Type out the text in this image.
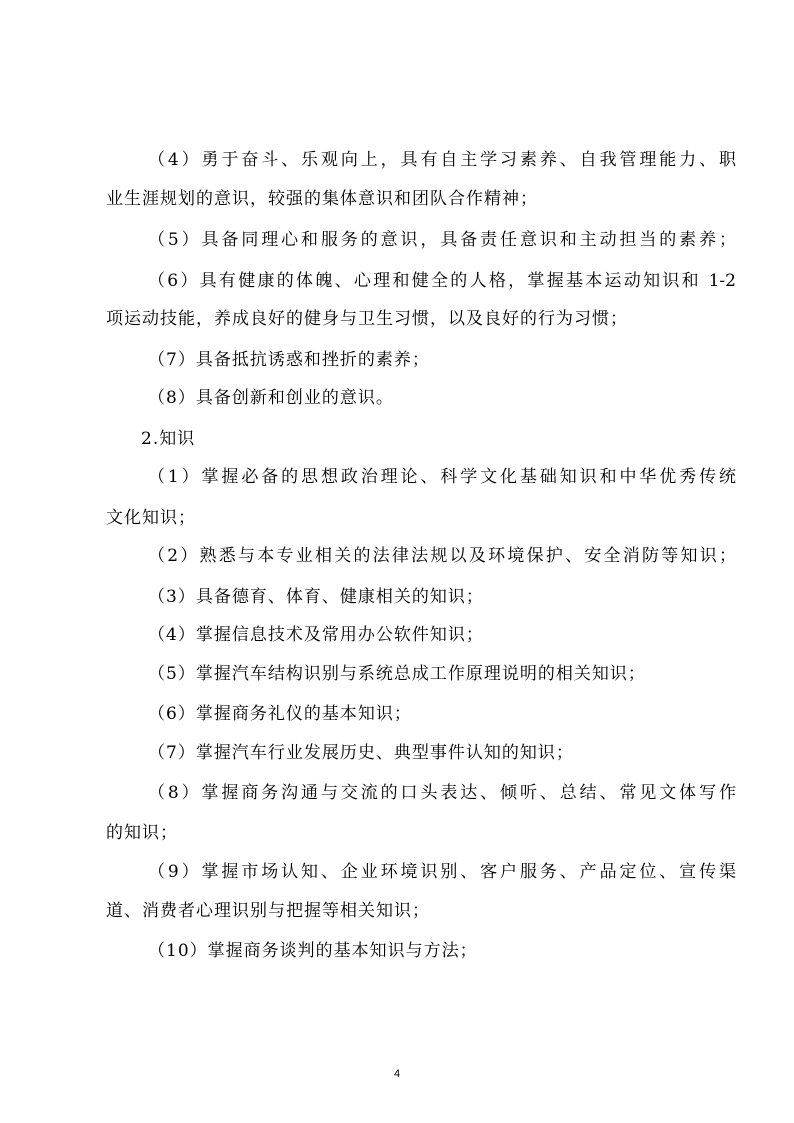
（4）勇于奋斗、乐观向上，具有自主学习素养、自我管理能力、职
业生涯规划的意识，较强的集体意识和团队合作精神；
（5）具备同理心和服务的意识，具备责任意识和主动担当的素养；
（6）具有健康的体魄、心理和健全的人格，掌握基本运动知识和 1-2
项运动技能，养成良好的健身与卫生习惯，以及良好的行为习惯；
（7）具备抵抗诱惑和挫折的素养；
（8）具备创新和创业的意识。
2.知识
（1）掌握必备的思想政治理论、科学文化基础知识和中华优秀传统
文化知识；
（2）熟悉与本专业相关的法律法规以及环境保护、安全消防等知识；
（3）具备德育、体育、健康相关的知识；
（4）掌握信息技术及常用办公软件知识；
（5）掌握汽车结构识别与系统总成工作原理说明的相关知识；
（6）掌握商务礼仪的基本知识；
（7）掌握汽车行业发展历史、典型事件认知的知识；
（8）掌握商务沟通与交流的口头表达、倾听、总结、常见文体写作
的知识；
（9）掌握市场认知、企业环境识别、客户服务、产品定位、宣传渠
道、消费者心理识别与把握等相关知识；
（10）掌握商务谈判的基本知识与方法；
4
